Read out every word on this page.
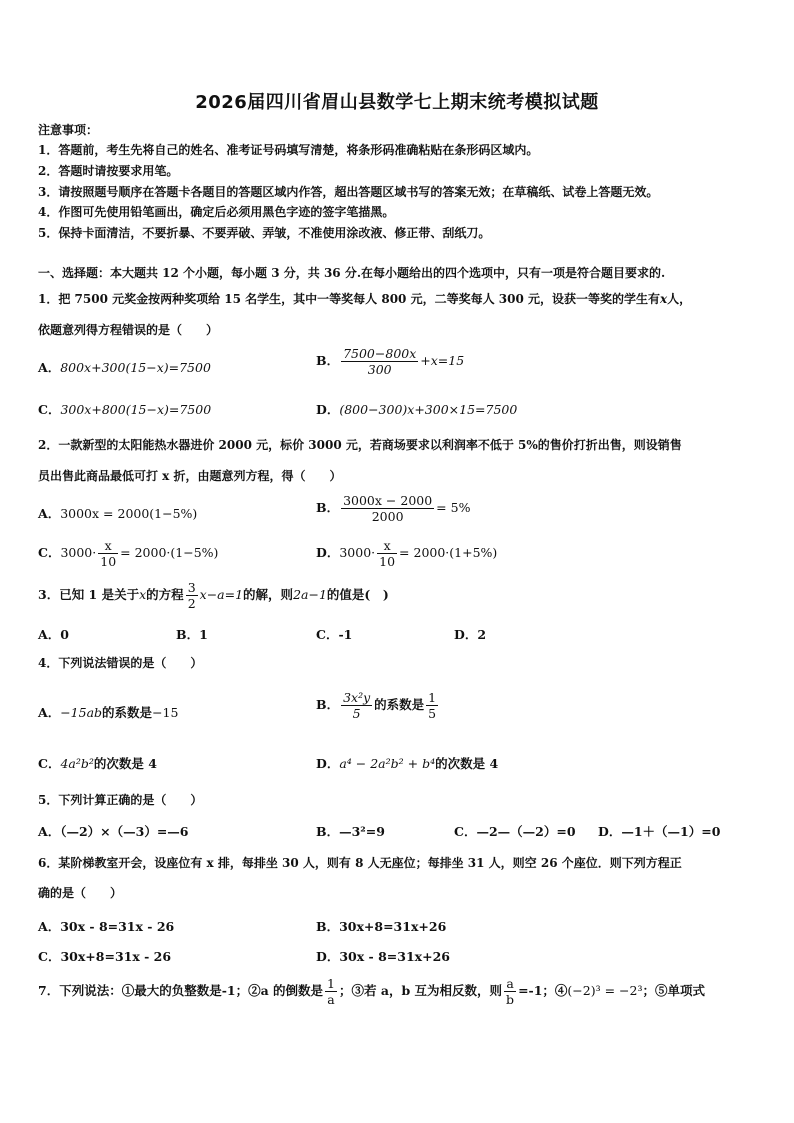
2026届四川省眉山县数学七上期末统考模拟试题
注意事项：
1．答题前，考生先将自己的姓名、准考证号码填写清楚，将条形码准确粘贴在条形码区域内。
2．答题时请按要求用笔。
3．请按照题号顺序在答题卡各题目的答题区域内作答，超出答题区域书写的答案无效；在草稿纸、试卷上答题无效。
4．作图可先使用铅笔画出，确定后必须用黑色字迹的签字笔描黑。
5．保持卡面清洁，不要折暴、不要弄破、弄皱，不准使用涂改液、修正带、刮纸刀。
一、选择题：本大题共 12 个小题，每小题 3 分，共 36 分.在每小题给出的四个选项中，只有一项是符合题目要求的.
1．把 7500 元奖金按两种奖项给 15 名学生，其中一等奖每人 800 元，二等奖每人 300 元，设获一等奖的学生有x人，
依题意列得方程错误的是（　　）
A．800x+300(15−x)=7500	B． $\frac{7500-800x}{300} +x=15$
C．300x+800(15−x)=7500	D．(800−300)x+300×15=7500
2．一款新型的太阳能热水器进价 2000 元，标价 3000 元，若商场要求以利润率不低于 5%的售价打折出售，则设销售
员出售此商品最低可打 x 折，由题意列方程，得（　　）
A．3000x = 2000(1−5%)	B． $\frac{3000x - 2000}{2000} = 5\%$
C．$3000\cdot \frac{x}{10} = 2000\cdot(1-5\%)$	D．$3000\cdot \frac{x}{10} = 2000\cdot(1+5\%)$
3．已知 1 是关于x的方程 $\frac{3}{2} x-a=1$的解，则2a−1的值是(　)
A．0	B．1	C．-1	D．2
4．下列说法错误的是（　　）
A．−15ab的系数是−15
B． $\frac{\text{3x²y}}{5}$ 的系数是 $\frac{1}{5}$
C．4a²b²的次数是 4	D．a⁴ − 2a²b² + b⁴的次数是 4
5．下列计算正确的是（　　）
A．（—2）×（—3）=—6	B．—3²=9	C．—2—（—2）=0 D．—1＋（—1）=0
6．某阶梯教室开会，设座位有 x 排，每排坐 30 人，则有 8 人无座位；每排坐 31 人，则空 26 个座位．则下列方程正
确的是（　　）
A．30x - 8=31x - 26	B．30x+8=31x+26
C．30x+8=31x - 26	D．30x - 8=31x+26
7．下列说法：①最大的负整数是-1；②a 的倒数是 $\frac{1}{a}$ ；③若 a，b 互为相反数，则 $\frac{a}{b} =-1$；④(−2)³ = −2³；⑤单项式
